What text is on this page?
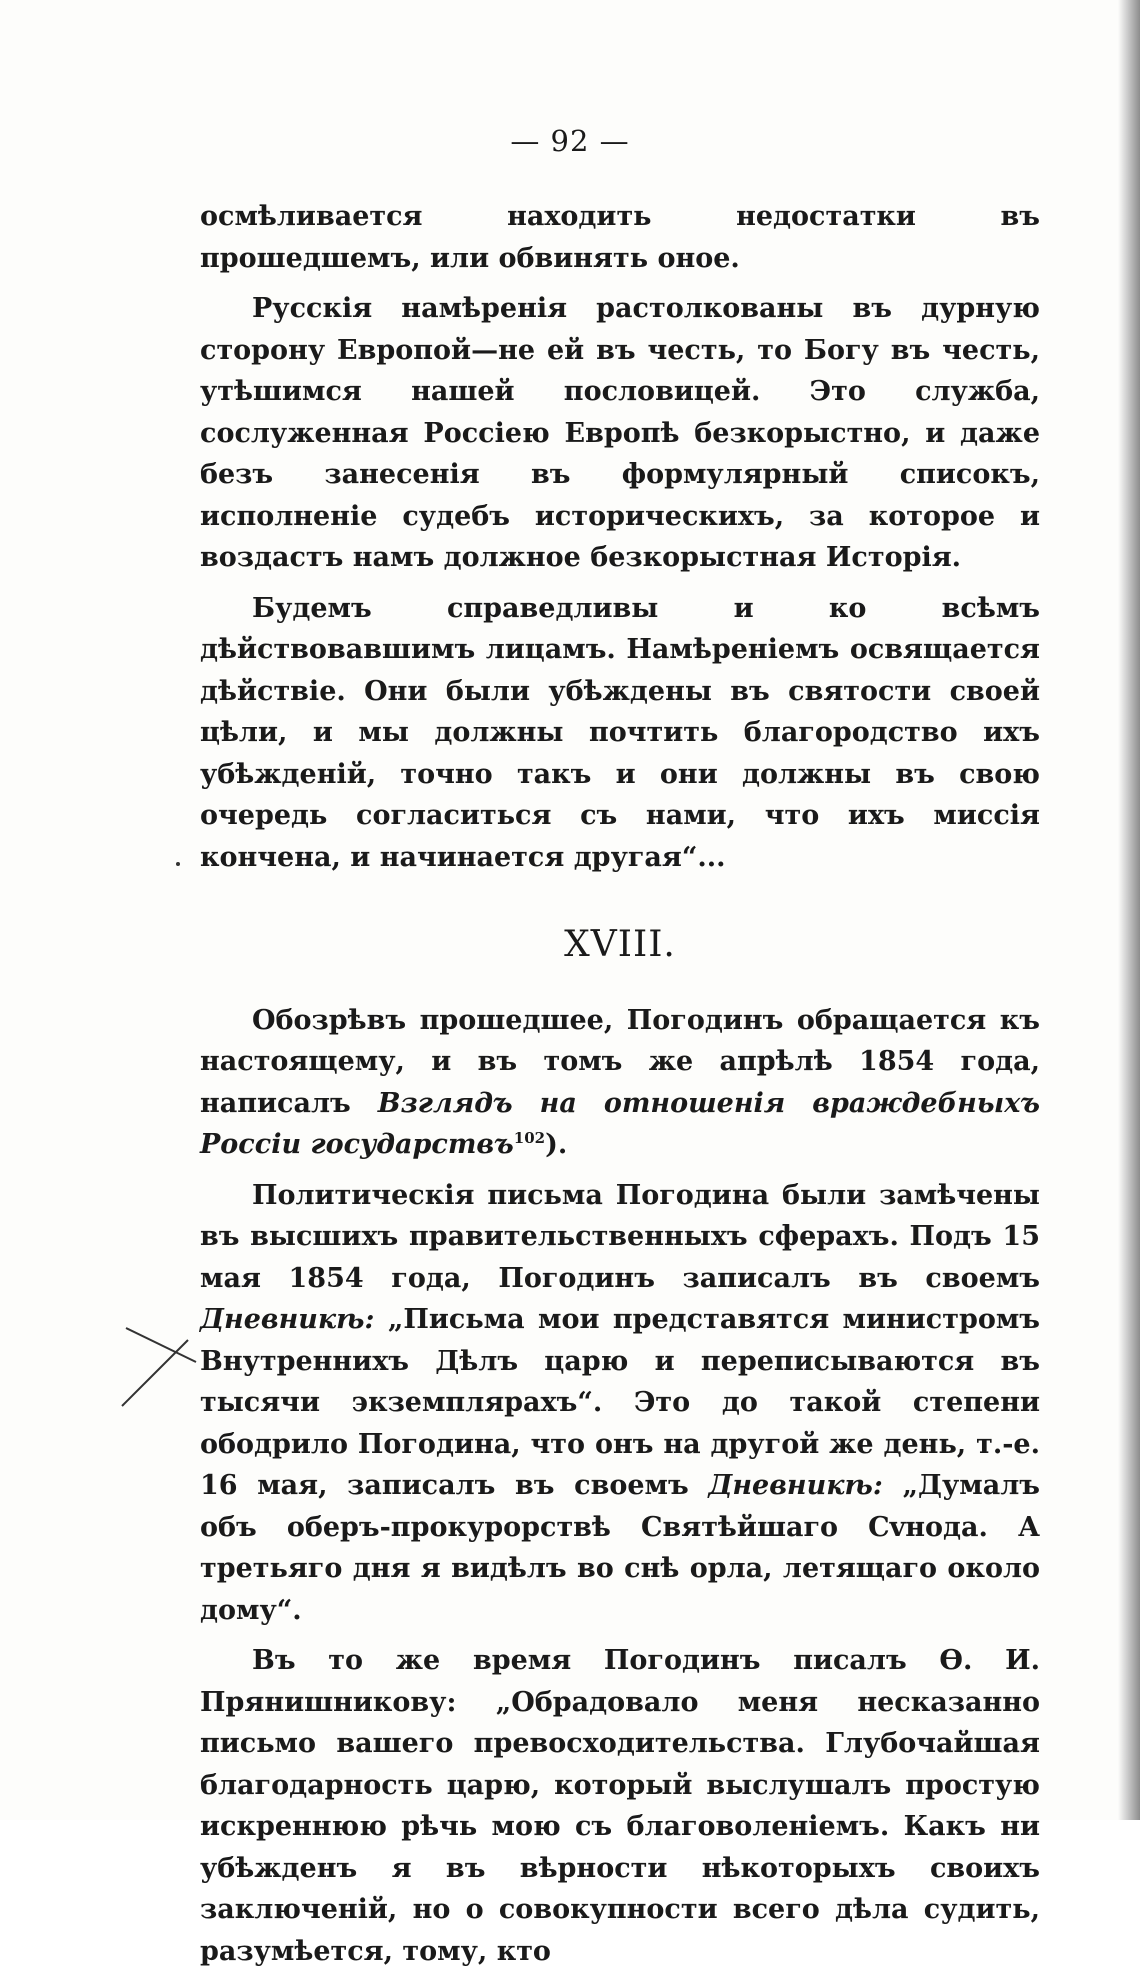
— 92 —

осмѣливается находить недостатки въ прошедшемъ, или обвинять оное.

Русскія намѣренія растолкованы въ дурную сторону Европой—не ей въ честь, то Богу въ честь, утѣшимся нашей пословицей. Это служба, сослуженная Россіею Европѣ безкорыстно, и даже безъ занесенія въ формулярный списокъ, исполненіе судебъ историческихъ, за которое и воздастъ намъ должное безкорыстная Исторія.

Будемъ справедливы и ко всѣмъ дѣйствовавшимъ лицамъ. Намѣреніемъ освящается дѣйствіе. Они были убѣждены въ святости своей цѣли, и мы должны почтить благородство ихъ убѣжденій, точно такъ и они должны въ свою очередь согласиться съ нами, что ихъ миссія кончена, и начинается другая“...

XVIII.

Обозрѣвъ прошедшее, Погодинъ обращается къ настоящему, и въ томъ же апрѣлѣ 1854 года, написалъ Взглядъ на отношенія враждебныхъ Россіи государствъ$^{102}$).

Политическія письма Погодина были замѣчены въ высшихъ правительственныхъ сферахъ. Подъ 15 мая 1854 года, Погодинъ записалъ въ своемъ Дневникѣ: „Письма мои представятся министромъ Внутреннихъ Дѣлъ царю и переписываются въ тысячи экземплярахъ“. Это до такой степени ободрило Погодина, что онъ на другой же день, т.-е. 16 мая, записалъ въ своемъ Дневникѣ: „Думалъ объ оберъ-прокурорствѣ Святѣйшаго Сvнода. А третьяго дня я видѣлъ во снѣ орла, летящаго около дому“.

Въ то же время Погодинъ писалъ Ѳ. И. Прянишникову: „Обрадовало меня несказанно письмо вашего превосходительства. Глубочайшая благодарность царю, который выслушалъ простую искреннюю рѣчь мою съ благоволеніемъ. Какъ ни убѣжденъ я въ вѣрности нѣкоторыхъ своихъ заключеній, но о совокупности всего дѣла судить, разумѣется, тому, кто
